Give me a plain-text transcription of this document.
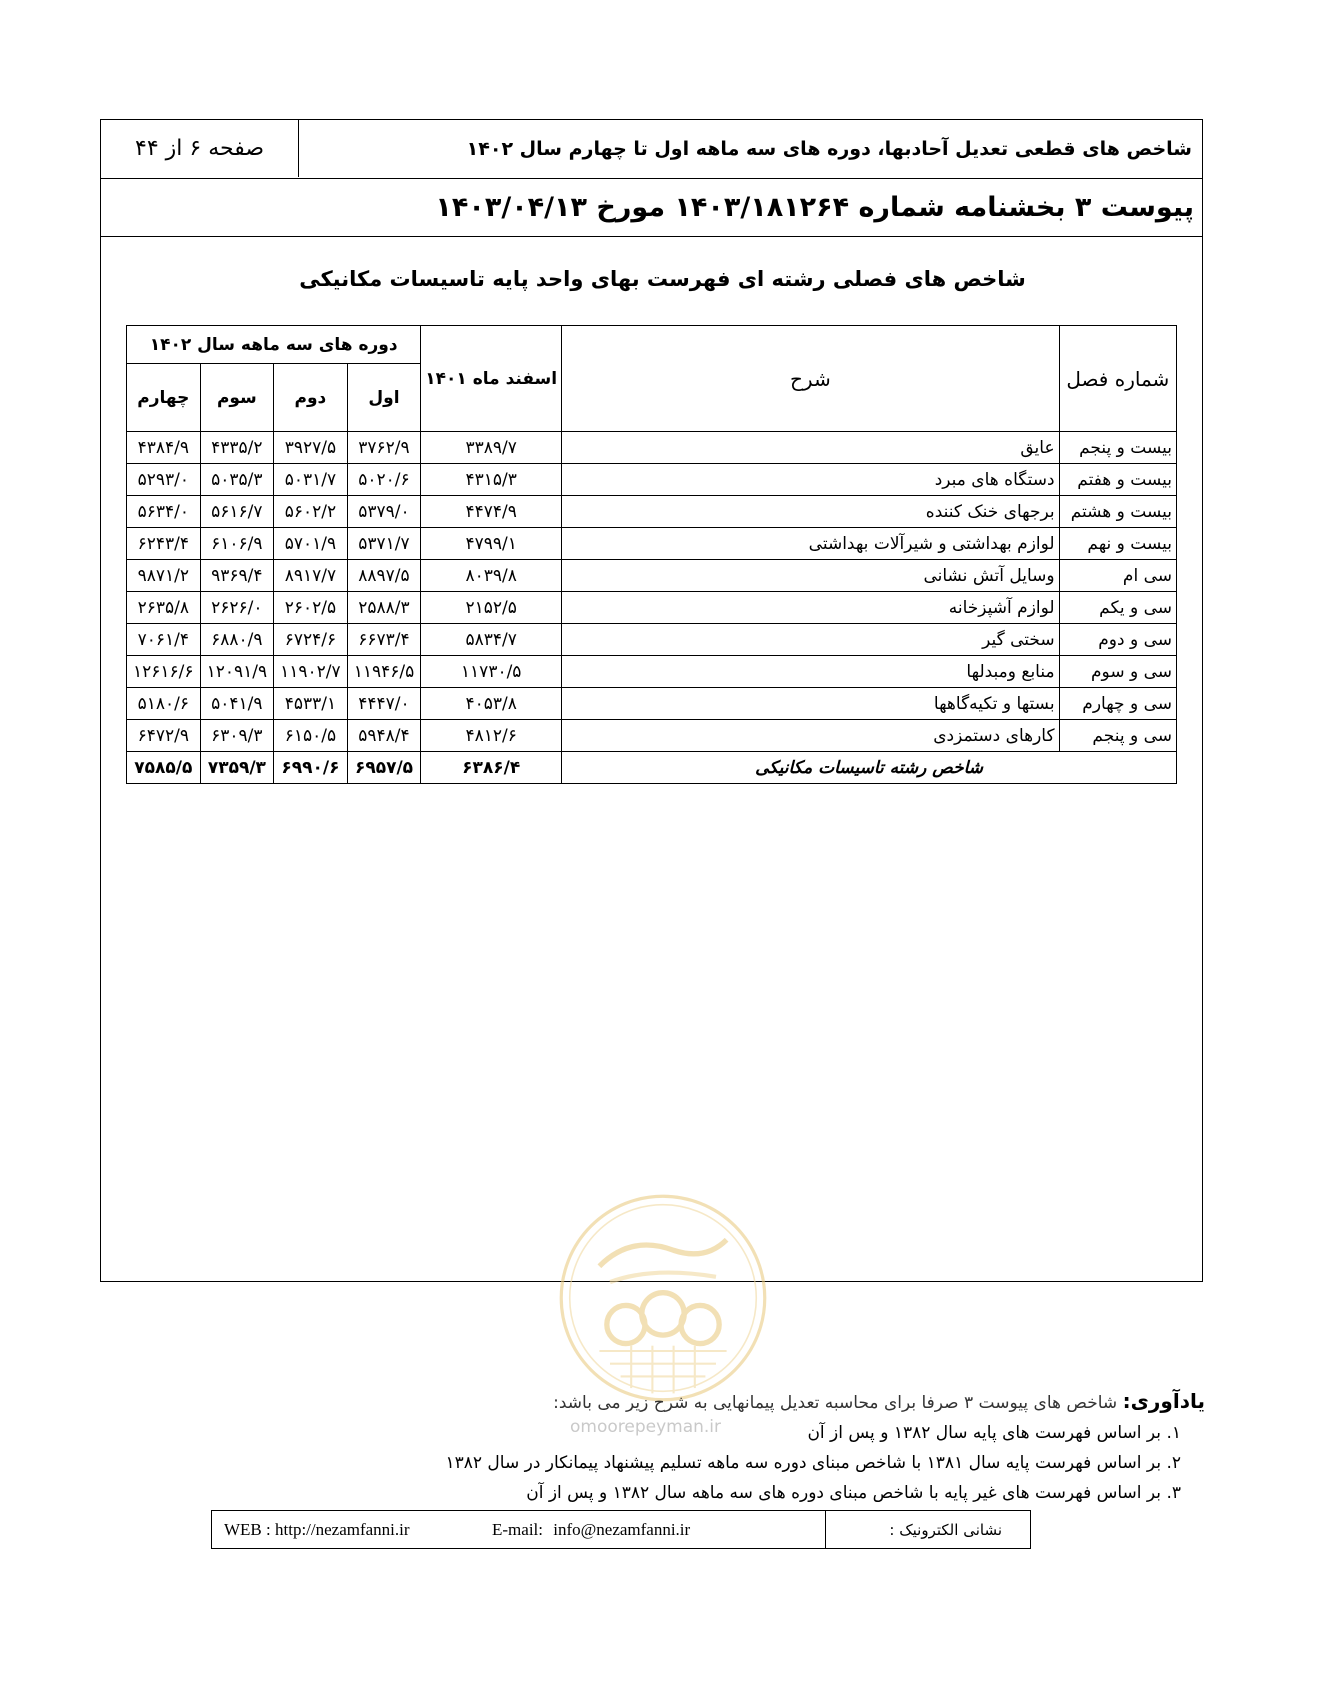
شاخص های قطعی تعدیل آحادبها، دوره های سه ماهه اول تا چهارم سال ۱۴۰۲
صفحه ۶ از ۴۴
پیوست ۳ بخشنامه شماره ۱۴۰۳/۱۸۱۲۶۴ مورخ ۱۴۰۳/۰۴/۱۳
شاخص های فصلی رشته ای فهرست بهای واحد پایه تاسیسات مکانیکی
شماره فصل	شرح	اسفند ماه ۱۴۰۱	دوره های سه ماهه سال ۱۴۰۲			
			اول	دوم	سوم	چهارم
بیست و پنجم	عایق	۳۳۸۹/۷	۳۷۶۲/۹	۳۹۲۷/۵	۴۳۳۵/۲	۴۳۸۴/۹
بیست و هفتم	دستگاه های مبرد	۴۳۱۵/۳	۵۰۲۰/۶	۵۰۳۱/۷	۵۰۳۵/۳	۵۲۹۳/۰
بیست و هشتم	برجهای خنک کننده	۴۴۷۴/۹	۵۳۷۹/۰	۵۶۰۲/۲	۵۶۱۶/۷	۵۶۳۴/۰
بیست و نهم	لوازم بهداشتی و شیرآلات بهداشتی	۴۷۹۹/۱	۵۳۷۱/۷	۵۷۰۱/۹	۶۱۰۶/۹	۶۲۴۳/۴
سی ام	وسایل آتش نشانی	۸۰۳۹/۸	۸۸۹۷/۵	۸۹۱۷/۷	۹۳۶۹/۴	۹۸۷۱/۲
سی و یکم	لوازم آشپزخانه	۲۱۵۲/۵	۲۵۸۸/۳	۲۶۰۲/۵	۲۶۲۶/۰	۲۶۳۵/۸
سی و دوم	سختی گیر	۵۸۳۴/۷	۶۶۷۳/۴	۶۷۲۴/۶	۶۸۸۰/۹	۷۰۶۱/۴
سی و سوم	منابع ومبدلها	۱۱۷۳۰/۵	۱۱۹۴۶/۵	۱۱۹۰۲/۷	۱۲۰۹۱/۹	۱۲۶۱۶/۶
سی و چهارم	بستها و تکیه‌گاهها	۴۰۵۳/۸	۴۴۴۷/۰	۴۵۳۳/۱	۵۰۴۱/۹	۵۱۸۰/۶
سی و پنجم	کارهای دستمزدی	۴۸۱۲/۶	۵۹۴۸/۴	۶۱۵۰/۵	۶۳۰۹/۳	۶۴۷۲/۹
شاخص رشته تاسیسات مکانیکی		۶۳۸۶/۴	۶۹۵۷/۵	۶۹۹۰/۶	۷۳۵۹/۳	۷۵۸۵/۵
omoorepeyman.ir
یادآوری: شاخص های پیوست ۳ صرفا برای محاسبه تعدیل پیمانهایی به شرح زیر می باشد:
۱. بر اساس فهرست های پایه سال ۱۳۸۲ و پس از آن
۲. بر اساس فهرست پایه سال ۱۳۸۱ با شاخص مبنای دوره سه ماهه تسلیم پیشنهاد پیمانکار در سال ۱۳۸۲
۳. بر اساس فهرست های غیر پایه با شاخص مبنای دوره های سه ماهه سال ۱۳۸۲ و پس از آن
نشانی الکترونیک :
E-mail: info@nezamfanni.ir
WEB : http://nezamfanni.ir
